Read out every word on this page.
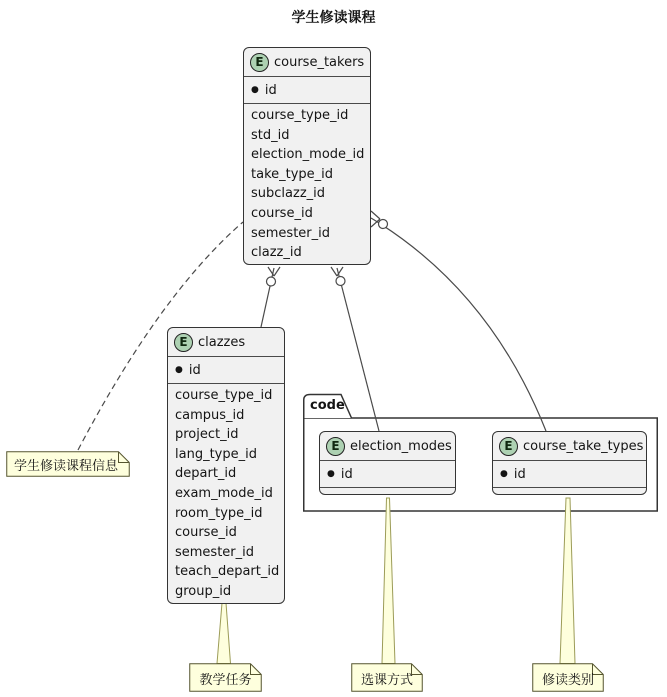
学生修读课程
code
E course_takers
● id
course_type_id
std_id
election_mode_id
take_type_id
subclazz_id
course_id
semester_id
clazz_id
E clazzes
● id
course_type_id
campus_id
project_id
lang_type_id
depart_id
exam_mode_id
room_type_id
course_id
semester_id
teach_depart_id
group_id
E election_modes
● id
E course_take_types
● id
学生修读课程信息
教学任务	选课方式	修读类别
